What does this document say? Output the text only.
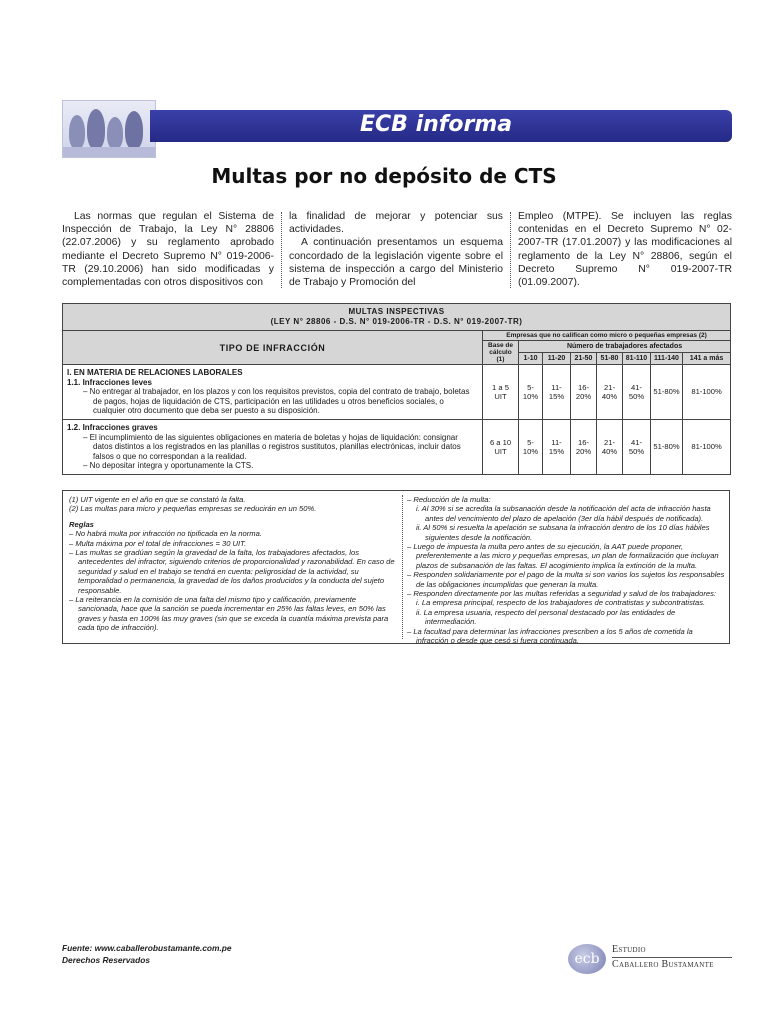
ECB informa
Multas por no depósito de CTS

Las normas que regulan el Sistema de Inspección de Trabajo, la Ley N° 28806 (22.07.2006) y su reglamento aprobado mediante el Decreto Supremo N° 019-2006-TR (29.10.2006) han sido modificadas y complementadas con otros dispositivos con

la finalidad de mejorar y potenciar sus actividades.

A continuación presentamos un esquema concordado de la legislación vigente sobre el sistema de inspección a cargo del Ministerio de Trabajo y Promoción del

Empleo (MTPE). Se incluyen las reglas contenidas en el Decreto Supremo N° 02-2007-TR (17.01.2007) y las modificaciones al reglamento de la Ley N° 28806, según el Decreto Supremo N° 019-2007-TR (01.09.2007).

MULTAS INSPECTIVAS
(LEY N° 28806 - D.S. N° 019-2006-TR - D.S. N° 019-2007-TR)								
TIPO DE INFRACCIÓN	Empresas que no califican como micro o pequeñas empresas (2)							
	Base de cálculo (1)	Número de trabajadores afectados						
		1-10	11-20	21-50	51-80	81-110	111-140	141 a más

I. EN MATERIA DE RELACIONES LABORALES
1.1. Infracciones leves
– No entregar al trabajador, en los plazos y con los requisitos previstos, copia del contrato de trabajo, boletas de pagos, hojas de liquidación de CTS, participación en las utilidades u otros beneficios sociales, o cualquier otro documento que deba ser puesto a su disposición.	1 a 5 UIT	5-10%	11-15%	16-20%	21-40%	41-50%	51-80%	81-100%

1.2. Infracciones graves
– El incumplimiento de las siguientes obligaciones en materia de boletas y hojas de liquidación: consignar datos distintos a los registrados en las planillas o registros sustitutos, planillas electrónicas, incluir datos falsos o que no correspondan a la realidad.
– No depositar íntegra y oportunamente la CTS.	6 a 10 UIT	5-10%	11-15%	16-20%	21-40%	41-50%	51-80%	81-100%

(1) UIT vigente en el año en que se constató la falta.

(2) Las multas para micro y pequeñas empresas se reducirán en un 50%.

Reglas

– No habrá multa por infracción no tipificada en la norma.

– Multa máxima por el total de infracciones = 30 UIT.

– Las multas se gradúan según la gravedad de la falta, los trabajadores afectados, los antecedentes del infractor, siguiendo criterios de proporcionalidad y razonabilidad. En caso de seguridad y salud en el trabajo se tendrá en cuenta: peligrosidad de la actividad, su temporalidad o permanencia, la gravedad de los daños producidos y la conducta del sujeto responsable.

– La reiterancia en la comisión de una falta del mismo tipo y calificación, previamente sancionada, hace que la sanción se pueda incrementar en 25% las faltas leves, en 50% las graves y hasta en 100% las muy graves (sin que se exceda la cuantía máxima prevista para cada tipo de infracción).

– Reducción de la multa:

i. Al 30% si se acredita la subsanación desde la notificación del acta de infracción hasta antes del vencimiento del plazo de apelación (3er día hábil después de notificada).

ii. Al 50% si resuelta la apelación se subsana la infracción dentro de los 10 días hábiles siguientes desde la notificación.

– Luego de impuesta la multa pero antes de su ejecución, la AAT puede proponer, preferentemente a las micro y pequeñas empresas, un plan de formalización que incluyan plazos de subsanación de las faltas. El acogimiento implica la extinción de la multa.

– Responden solidariamente por el pago de la multa si son varios los sujetos los responsables de las obligaciones incumplidas que generan la multa.

– Responden directamente por las multas referidas a seguridad y salud de los trabajadores:

i. La empresa principal, respecto de los trabajadores de contratistas y subcontratistas.

ii. La empresa usuaria, respecto del personal destacado por las entidades de intermediación.

– La facultad para determinar las infracciones prescriben a los 5 años de cometida la infracción o desde que cesó si fuera continuada.

Fuente: www.caballerobustamante.com.pe
Derechos Reservados	ecb
Estudio
Caballero Bustamante
